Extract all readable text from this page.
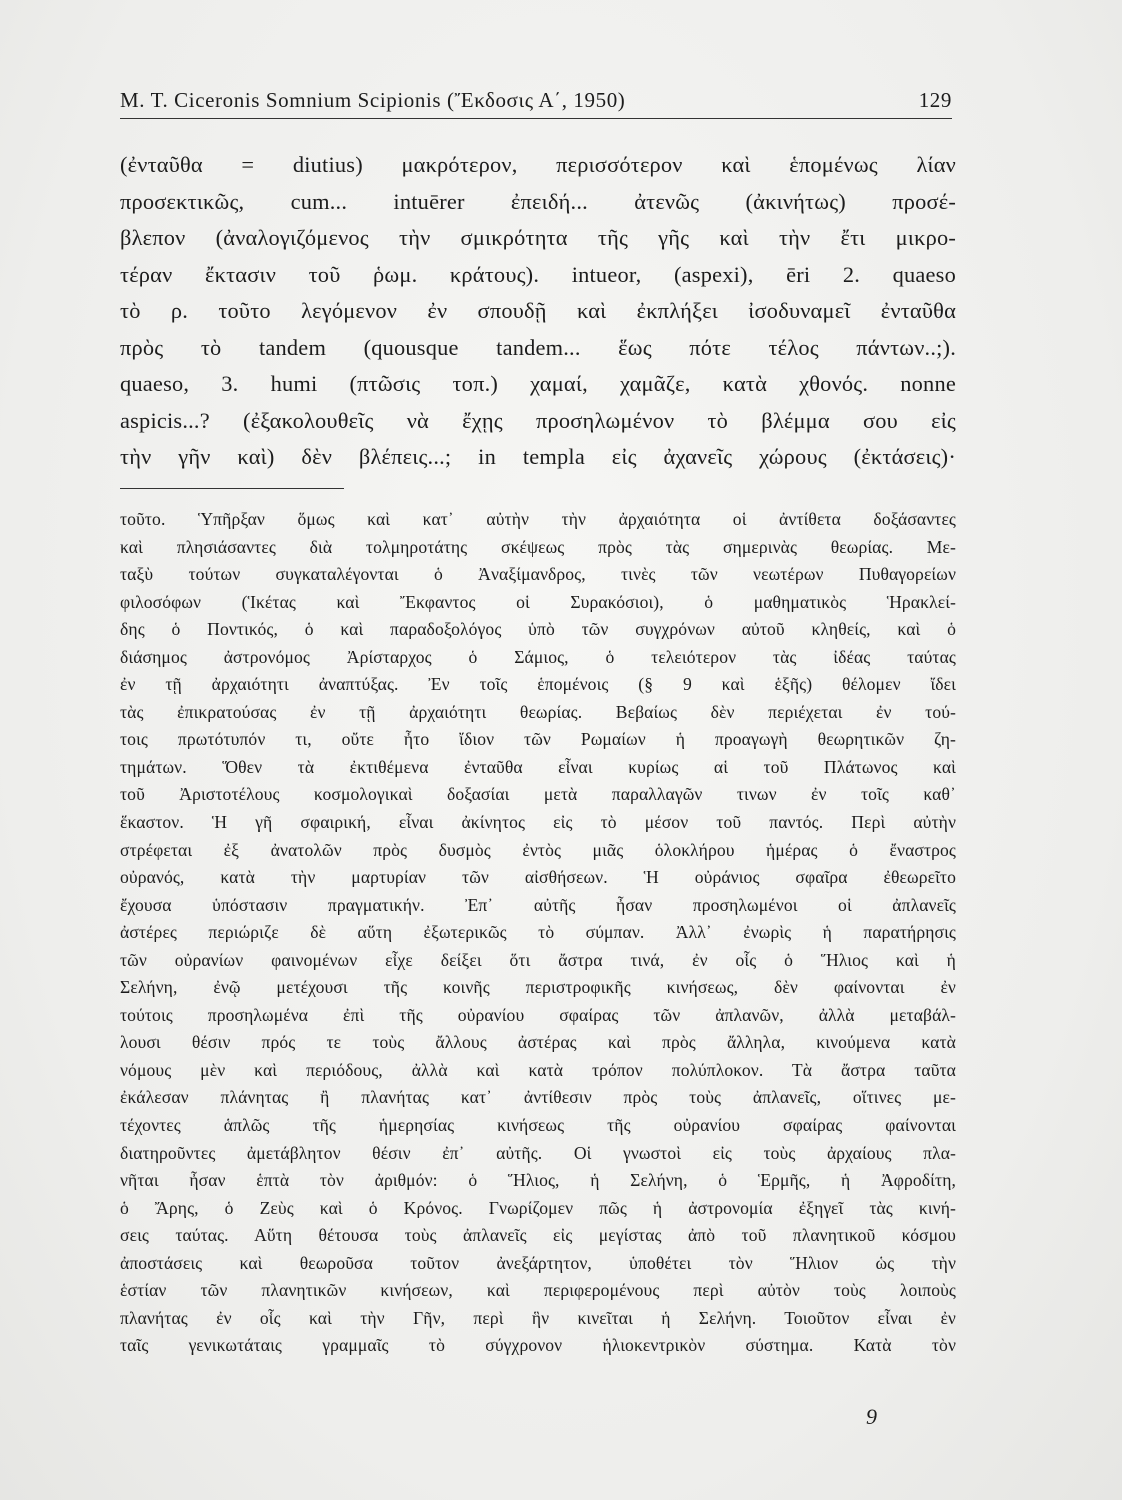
M. T. Ciceronis Somnium Scipionis (Ἔκδοσις Α΄, 1950)	129
(ἐνταῦθα = diutius) μακρότερον, περισσότερον καὶ ἑπομένως λίαν
προσεκτικῶς, cum... intuērer ἐπειδή... ἀτενῶς (ἀκινήτως) προσέ-
βλεπον (ἀναλογιζόμενος τὴν σμικρότητα τῆς γῆς καὶ τὴν ἔτι μικρο-
τέραν ἔκτασιν τοῦ ῥωμ. κράτους). intueor, (aspexi), ēri 2. quaeso
τὸ ρ. τοῦτο λεγόμενον ἐν σπουδῇ καὶ ἐκπλήξει ἰσοδυναμεῖ ἐνταῦθα
πρὸς τὸ tandem (quousque tandem... ἕως πότε τέλος πάντων..;).
quaeso, 3. humi (πτῶσις τοπ.) χαμαί, χαμᾶζε, κατὰ χθονός. nonne
aspicis...? (ἐξακολουθεῖς νὰ ἔχῃς προσηλωμένον τὸ βλέμμα σου εἰς
τὴν γῆν καὶ) δὲν βλέπεις...; in templa εἰς ἀχανεῖς χώρους (ἐκτάσεις)·
τοῦτο. Ὑπῆρξαν ὅμως καὶ κατ᾿ αὐτὴν τὴν ἀρχαιότητα οἱ ἀντίθετα δοξάσαντες
καὶ πλησιάσαντες διὰ τολμηροτάτης σκέψεως πρὸς τὰς σημερινὰς θεωρίας. Με-
ταξὺ τούτων συγκαταλέγονται ὁ Ἀναξίμανδρος, τινὲς τῶν νεωτέρων Πυθαγορείων
φιλοσόφων (Ἱκέτας καὶ Ἔκφαντος οἱ Συρακόσιοι), ὁ μαθηματικὸς Ἡρακλεί-
δης ὁ Ποντικός, ὁ καὶ παραδοξολόγος ὑπὸ τῶν συγχρόνων αὐτοῦ κληθείς, καὶ ὁ
διάσημος ἀστρονόμος Ἀρίσταρχος ὁ Σάμιος, ὁ τελειότερον τὰς ἰδέας ταύτας
ἐν τῇ ἀρχαιότητι ἀναπτύξας. Ἐν τοῖς ἑπομένοις (§ 9 καὶ ἑξῆς) θέλομεν ἴδει
τὰς ἐπικρατούσας ἐν τῇ ἀρχαιότητι θεωρίας. Βεβαίως δὲν περιέχεται ἐν τού-
τοις πρωτότυπόν τι, οὔτε ἦτο ἴδιον τῶν Ρωμαίων ἡ προαγωγὴ θεωρητικῶν ζη-
τημάτων. Ὅθεν τὰ ἐκτιθέμενα ἐνταῦθα εἶναι κυρίως αἱ τοῦ Πλάτωνος καὶ
τοῦ Ἀριστοτέλους κοσμολογικαὶ δοξασίαι μετὰ παραλλαγῶν τινων ἐν τοῖς καθ᾿
ἕκαστον. Ἡ γῆ σφαιρική, εἶναι ἀκίνητος εἰς τὸ μέσον τοῦ παντός. Περὶ αὐτὴν
στρέφεται ἐξ ἀνατολῶν πρὸς δυσμὸς ἐντὸς μιᾶς ὁλοκλήρου ἡμέρας ὁ ἔναστρος
οὐρανός, κατὰ τὴν μαρτυρίαν τῶν αἰσθήσεων. Ἡ οὐράνιος σφαῖρα ἐθεωρεῖτο
ἔχουσα ὑπόστασιν πραγματικήν. Ἐπ᾿ αὐτῆς ἦσαν προσηλωμένοι οἱ ἀπλανεῖς
ἀστέρες περιώριζε δὲ αὕτη ἐξωτερικῶς τὸ σύμπαν. Ἀλλ᾿ ἐνωρὶς ἡ παρατήρησις
τῶν οὐρανίων φαινομένων εἶχε δείξει ὅτι ἄστρα τινά, ἐν οἷς ὁ Ἥλιος καὶ ἡ
Σελήνη, ἐνῷ μετέχουσι τῆς κοινῆς περιστροφικῆς κινήσεως, δὲν φαίνονται ἐν
τούτοις προσηλωμένα ἐπὶ τῆς οὐρανίου σφαίρας τῶν ἀπλανῶν, ἀλλὰ μεταβάλ-
λουσι θέσιν πρός τε τοὺς ἄλλους ἀστέρας καὶ πρὸς ἄλληλα, κινούμενα κατὰ
νόμους μὲν καὶ περιόδους, ἀλλὰ καὶ κατὰ τρόπον πολύπλοκον. Τὰ ἄστρα ταῦτα
ἐκάλεσαν πλάνητας ἢ πλανήτας κατ᾿ ἀντίθεσιν πρὸς τοὺς ἀπλανεῖς, οἵτινες με-
τέχοντες ἁπλῶς τῆς ἡμερησίας κινήσεως τῆς οὐρανίου σφαίρας φαίνονται
διατηροῦντες ἀμετάβλητον θέσιν ἐπ᾿ αὐτῆς. Οἱ γνωστοὶ εἰς τοὺς ἀρχαίους πλα-
νῆται ἦσαν ἑπτὰ τὸν ἀριθμόν: ὁ Ἥλιος, ἡ Σελήνη, ὁ Ἑρμῆς, ἡ Ἀφροδίτη,
ὁ Ἄρης, ὁ Ζεὺς καὶ ὁ Κρόνος. Γνωρίζομεν πῶς ἡ ἀστρονομία ἐξηγεῖ τὰς κινή-
σεις ταύτας. Αὕτη θέτουσα τοὺς ἀπλανεῖς εἰς μεγίστας ἀπὸ τοῦ πλανητικοῦ κόσμου
ἀποστάσεις καὶ θεωροῦσα τοῦτον ἀνεξάρτητον, ὑποθέτει τὸν Ἥλιον ὡς τὴν
ἑστίαν τῶν πλανητικῶν κινήσεων, καὶ περιφερομένους περὶ αὐτὸν τοὺς λοιποὺς
πλανήτας ἐν οἷς καὶ τὴν Γῆν, περὶ ἣν κινεῖται ἡ Σελήνη. Τοιοῦτον εἶναι ἐν
ταῖς γενικωτάταις γραμμαῖς τὸ σύγχρονον ἡλιοκεντρικὸν σύστημα. Κατὰ τὸν
9
